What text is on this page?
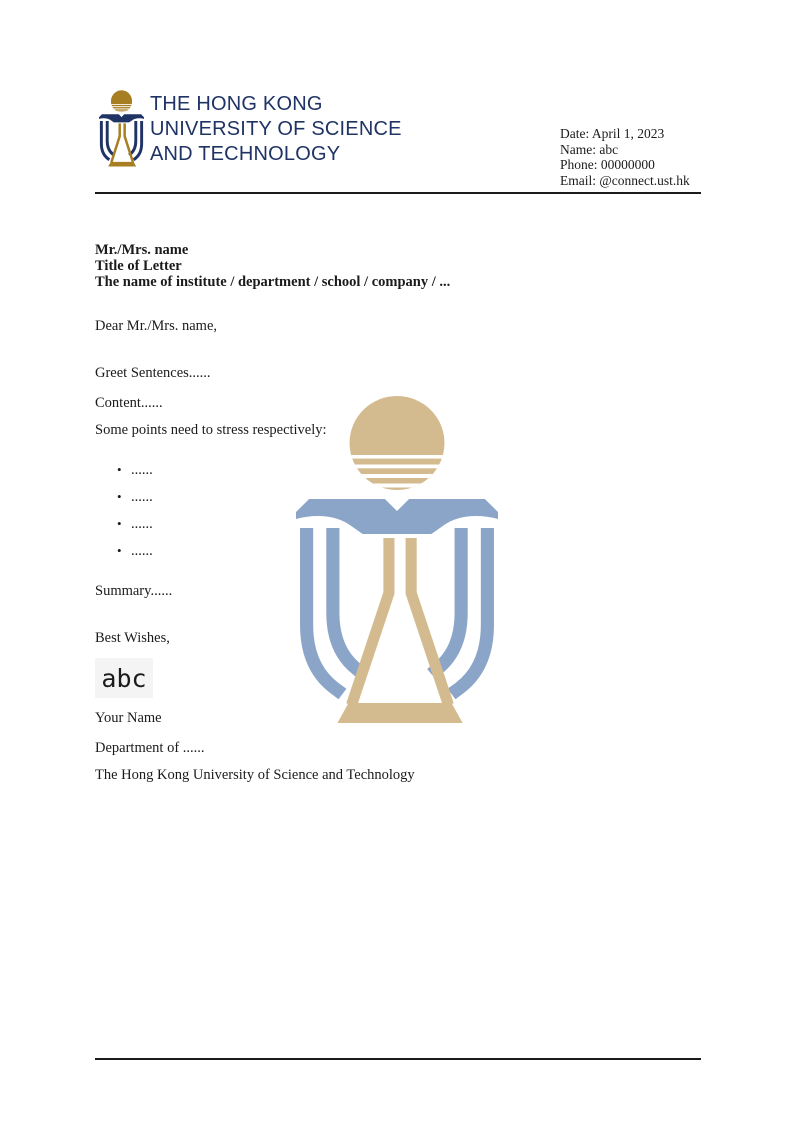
THE HONG KONG
UNIVERSITY OF SCIENCE
AND TECHNOLOGY
Date: April 1, 2023
Name: abc
Phone: 00000000
Email: @connect.ust.hk
Mr./Mrs. name
Title of Letter
The name of institute / department / school / company / ...
Dear Mr./Mrs. name,
Greet Sentences......
Content......
Some points need to stress respectively:
• ......
• ......
• ......
• ......
Summary......
Best Wishes,
abc
Your Name
Department of ......
The Hong Kong University of Science and Technology
